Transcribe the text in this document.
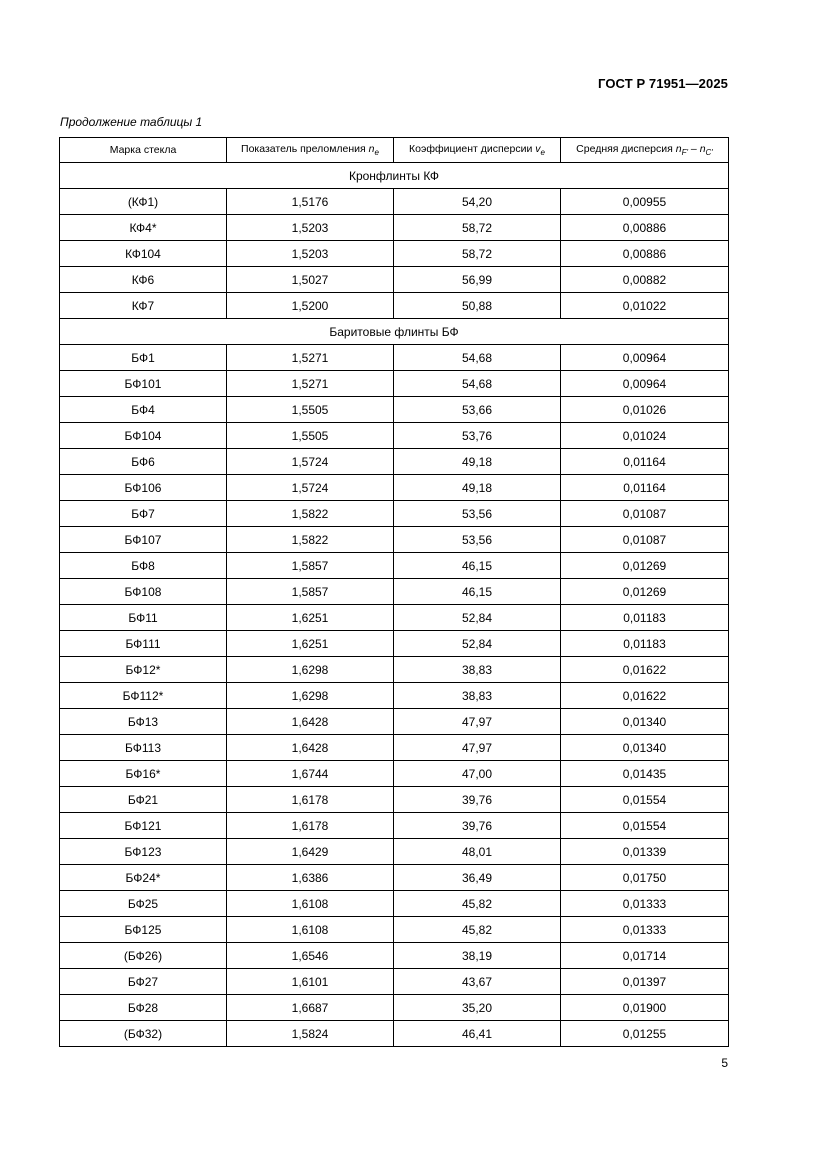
ГОСТ Р 71951—2025
Продолжение таблицы 1
Марка стекла	Показатель преломления $n_e$	Коэффициент дисперсии $v_e$	Средняя дисперсия $n_{F'} - n_{C'}$
Кронфлинты КФ			
(КФ1)	1,5176	54,20	0,00955
КФ4*	1,5203	58,72	0,00886
КФ104	1,5203	58,72	0,00886
КФ6	1,5027	56,99	0,00882
КФ7	1,5200	50,88	0,01022
Баритовые флинты БФ			
БФ1	1,5271	54,68	0,00964
БФ101	1,5271	54,68	0,00964
БФ4	1,5505	53,66	0,01026
БФ104	1,5505	53,76	0,01024
БФ6	1,5724	49,18	0,01164
БФ106	1,5724	49,18	0,01164
БФ7	1,5822	53,56	0,01087
БФ107	1,5822	53,56	0,01087
БФ8	1,5857	46,15	0,01269
БФ108	1,5857	46,15	0,01269
БФ11	1,6251	52,84	0,01183
БФ111	1,6251	52,84	0,01183
БФ12*	1,6298	38,83	0,01622
БФ112*	1,6298	38,83	0,01622
БФ13	1,6428	47,97	0,01340
БФ113	1,6428	47,97	0,01340
БФ16*	1,6744	47,00	0,01435
БФ21	1,6178	39,76	0,01554
БФ121	1,6178	39,76	0,01554
БФ123	1,6429	48,01	0,01339
БФ24*	1,6386	36,49	0,01750
БФ25	1,6108	45,82	0,01333
БФ125	1,6108	45,82	0,01333
(БФ26)	1,6546	38,19	0,01714
БФ27	1,6101	43,67	0,01397
БФ28	1,6687	35,20	0,01900
(БФ32)	1,5824	46,41	0,01255
5
